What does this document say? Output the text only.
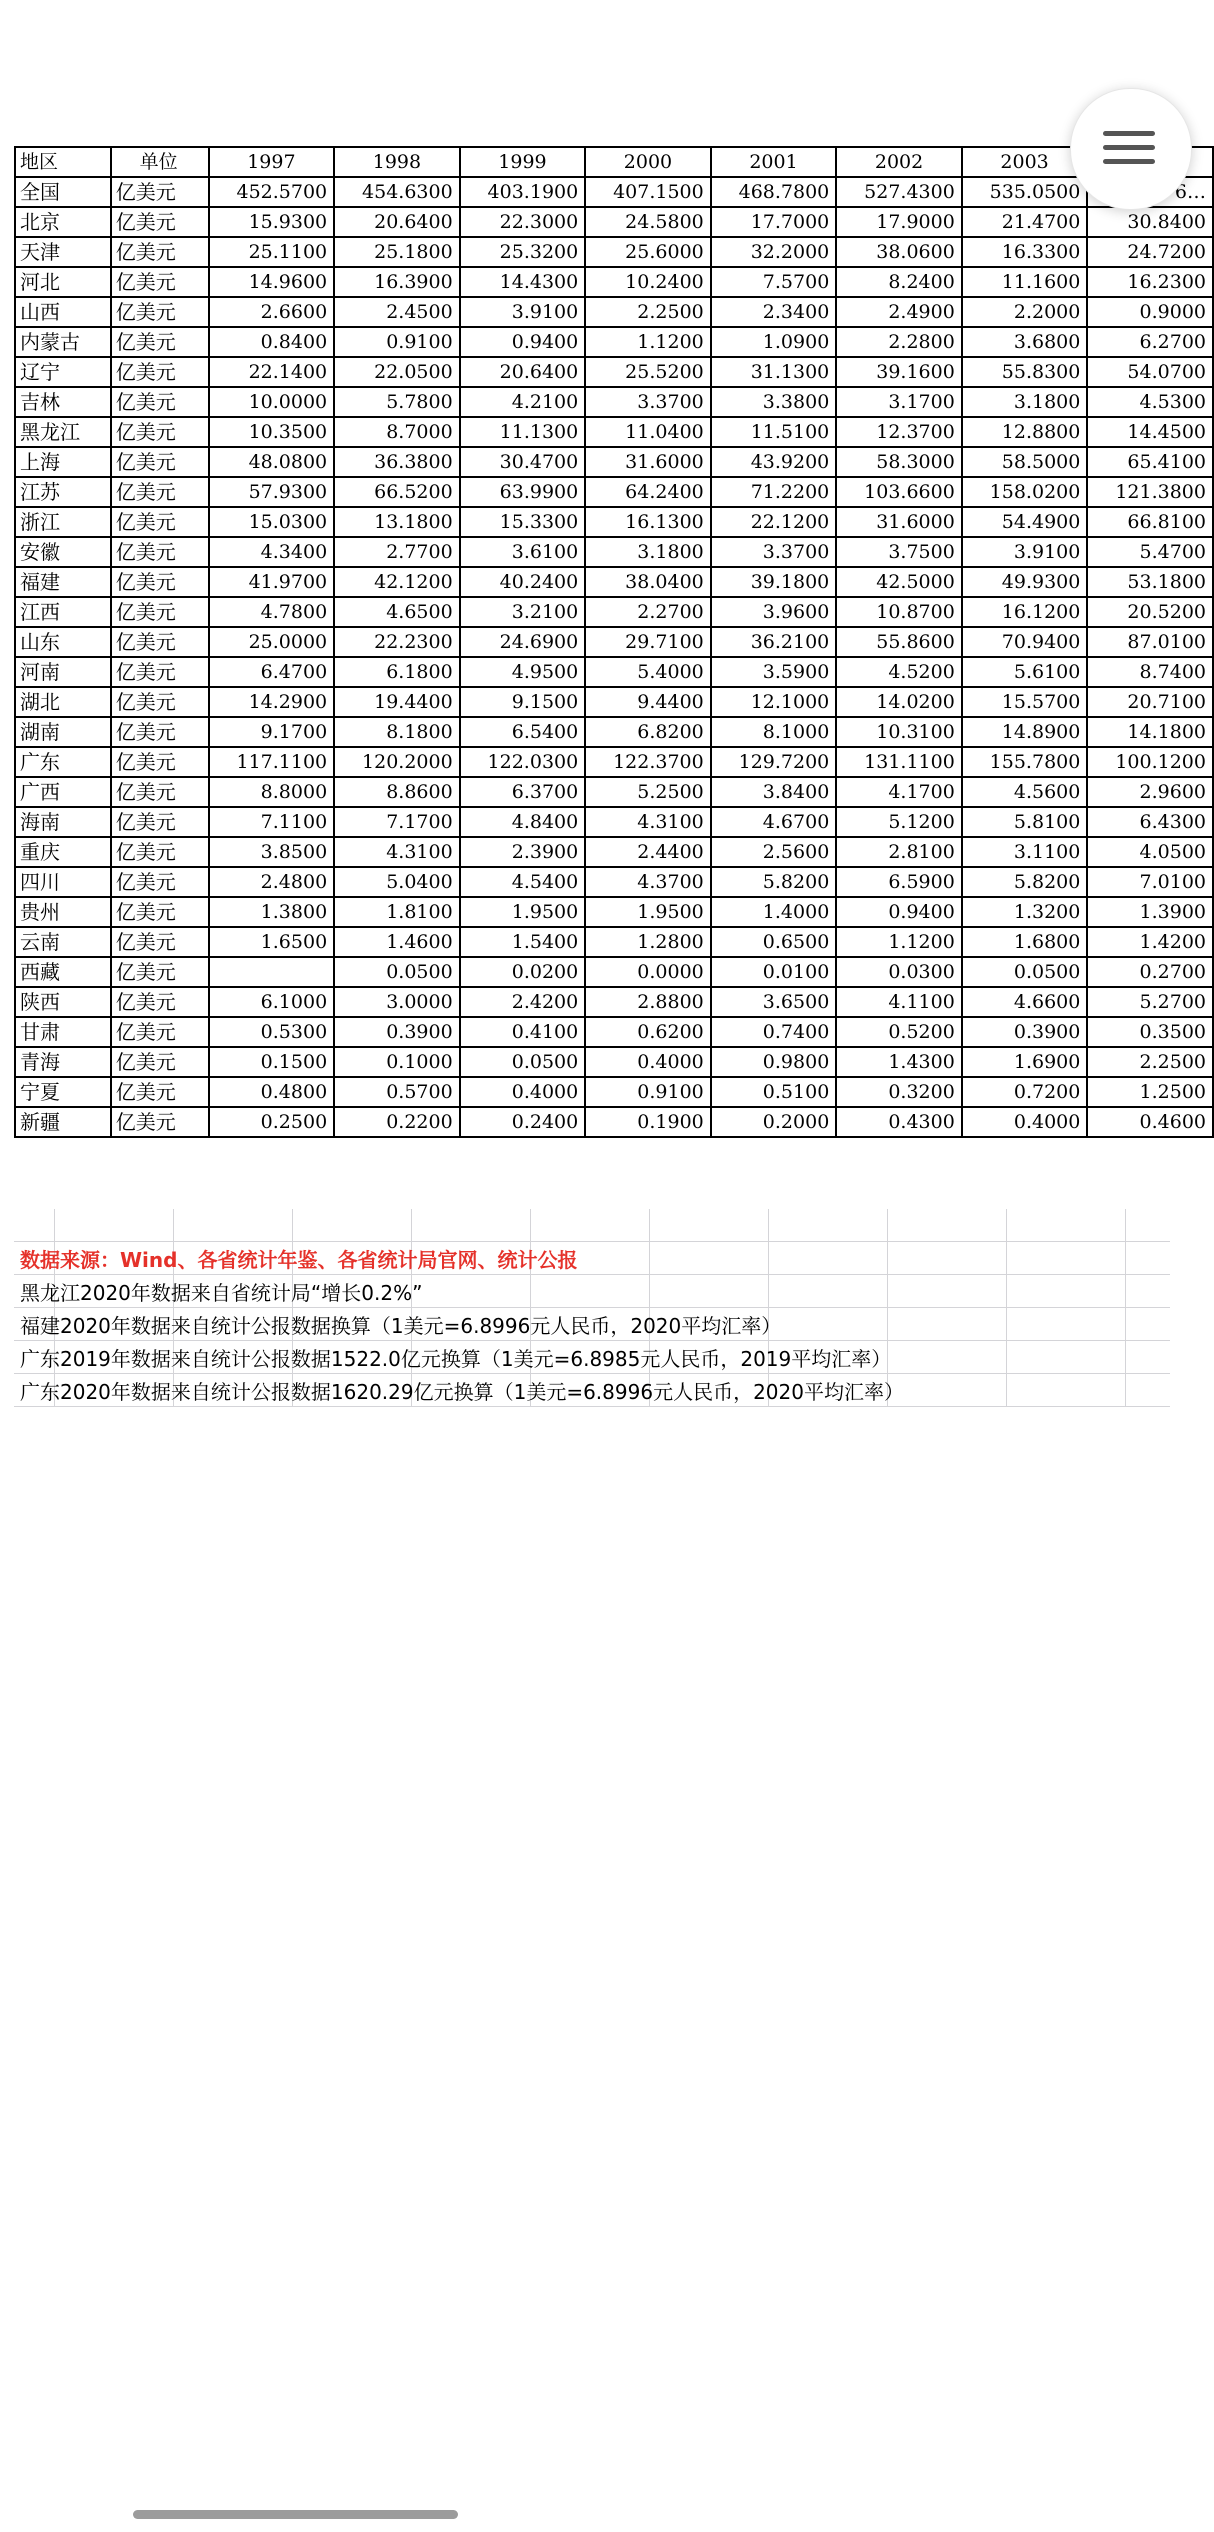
地区	单位	1997	1998	1999	2000	2001	2002	2003	
全国	亿美元	452.5700	454.6300	403.1900	407.1500	468.7800	527.4300	535.0500	6…
北京	亿美元	15.9300	20.6400	22.3000	24.5800	17.7000	17.9000	21.4700	30.8400
天津	亿美元	25.1100	25.1800	25.3200	25.6000	32.2000	38.0600	16.3300	24.7200
河北	亿美元	14.9600	16.3900	14.4300	10.2400	7.5700	8.2400	11.1600	16.2300
山西	亿美元	2.6600	2.4500	3.9100	2.2500	2.3400	2.4900	2.2000	0.9000
内蒙古	亿美元	0.8400	0.9100	0.9400	1.1200	1.0900	2.2800	3.6800	6.2700
辽宁	亿美元	22.1400	22.0500	20.6400	25.5200	31.1300	39.1600	55.8300	54.0700
吉林	亿美元	10.0000	5.7800	4.2100	3.3700	3.3800	3.1700	3.1800	4.5300
黑龙江	亿美元	10.3500	8.7000	11.1300	11.0400	11.5100	12.3700	12.8800	14.4500
上海	亿美元	48.0800	36.3800	30.4700	31.6000	43.9200	58.3000	58.5000	65.4100
江苏	亿美元	57.9300	66.5200	63.9900	64.2400	71.2200	103.6600	158.0200	121.3800
浙江	亿美元	15.0300	13.1800	15.3300	16.1300	22.1200	31.6000	54.4900	66.8100
安徽	亿美元	4.3400	2.7700	3.6100	3.1800	3.3700	3.7500	3.9100	5.4700
福建	亿美元	41.9700	42.1200	40.2400	38.0400	39.1800	42.5000	49.9300	53.1800
江西	亿美元	4.7800	4.6500	3.2100	2.2700	3.9600	10.8700	16.1200	20.5200
山东	亿美元	25.0000	22.2300	24.6900	29.7100	36.2100	55.8600	70.9400	87.0100
河南	亿美元	6.4700	6.1800	4.9500	5.4000	3.5900	4.5200	5.6100	8.7400
湖北	亿美元	14.2900	19.4400	9.1500	9.4400	12.1000	14.0200	15.5700	20.7100
湖南	亿美元	9.1700	8.1800	6.5400	6.8200	8.1000	10.3100	14.8900	14.1800
广东	亿美元	117.1100	120.2000	122.0300	122.3700	129.7200	131.1100	155.7800	100.1200
广西	亿美元	8.8000	8.8600	6.3700	5.2500	3.8400	4.1700	4.5600	2.9600
海南	亿美元	7.1100	7.1700	4.8400	4.3100	4.6700	5.1200	5.8100	6.4300
重庆	亿美元	3.8500	4.3100	2.3900	2.4400	2.5600	2.8100	3.1100	4.0500
四川	亿美元	2.4800	5.0400	4.5400	4.3700	5.8200	6.5900	5.8200	7.0100
贵州	亿美元	1.3800	1.8100	1.9500	1.9500	1.4000	0.9400	1.3200	1.3900
云南	亿美元	1.6500	1.4600	1.5400	1.2800	0.6500	1.1200	1.6800	1.4200
西藏	亿美元		0.0500	0.0200	0.0000	0.0100	0.0300	0.0500	0.2700
陕西	亿美元	6.1000	3.0000	2.4200	2.8800	3.6500	4.1100	4.6600	5.2700
甘肃	亿美元	0.5300	0.3900	0.4100	0.6200	0.7400	0.5200	0.3900	0.3500
青海	亿美元	0.1500	0.1000	0.0500	0.4000	0.9800	1.4300	1.6900	2.2500
宁夏	亿美元	0.4800	0.5700	0.4000	0.9100	0.5100	0.3200	0.7200	1.2500
新疆	亿美元	0.2500	0.2200	0.2400	0.1900	0.2000	0.4300	0.4000	0.4600
数据来源：Wind、各省统计年鉴、各省统计局官网、统计公报
黑龙江2020年数据来自省统计局“增长0.2%”
福建2020年数据来自统计公报数据换算（1美元=6.8996元人民币，2020平均汇率）
广东2019年数据来自统计公报数据1522.0亿元换算（1美元=6.8985元人民币，2019平均汇率）
广东2020年数据来自统计公报数据1620.29亿元换算（1美元=6.8996元人民币，2020平均汇率）
